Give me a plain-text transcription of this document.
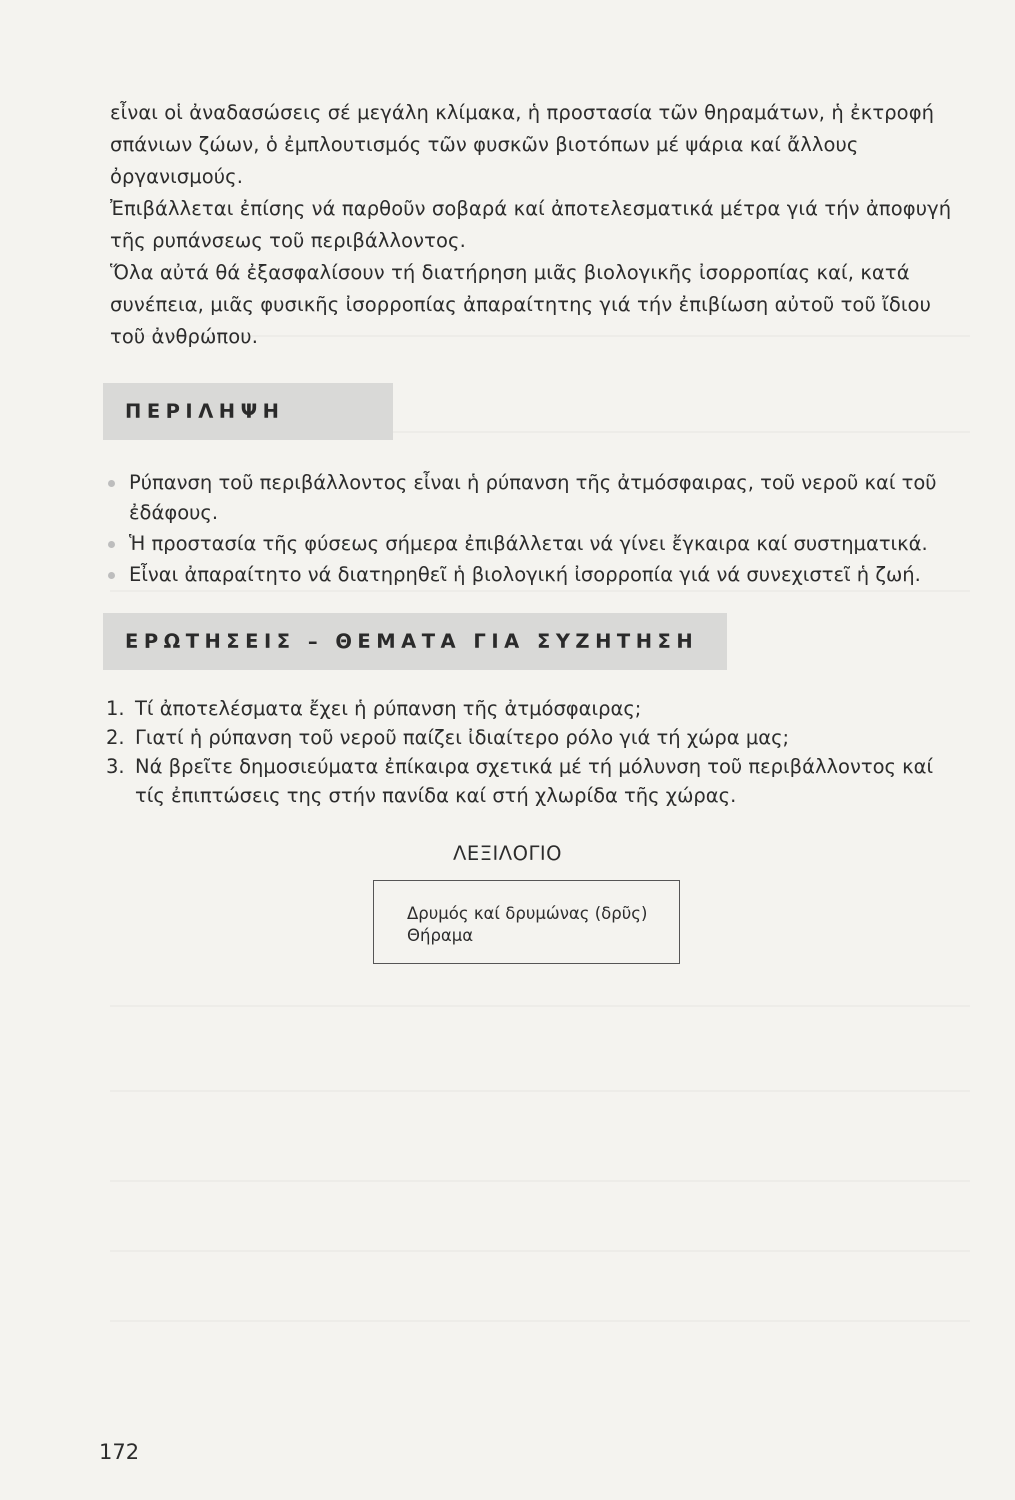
εἶναι οἱ ἀναδασώσεις σέ μεγάλη κλίμακα, ἡ προστασία τῶν θηραμάτων, ἡ ἐκτροφή σπάνιων ζώων, ὁ ἐμπλουτισμός τῶν φυσκῶν βιοτόπων μέ ψάρια καί ἄλλους ὀργανισμούς.

Ἐπιβάλλεται ἐπίσης νά παρθοῦν σοβαρά καί ἀποτελεσματικά μέτρα γιά τήν ἀποφυγή τῆς ρυπάνσεως τοῦ περιβάλλοντος.

Ὅλα αὐτά θά ἐξασφαλίσουν τή διατήρηση μιᾶς βιολογικῆς ἰσορροπίας καί, κατά συνέπεια, μιᾶς φυσικῆς ἰσορροπίας ἀπαραίτητης γιά τήν ἐπιβίωση αὐτοῦ τοῦ ἴδιου τοῦ ἀνθρώπου.

ΠΕΡΙΛΗΨΗ
Ρύπανση τοῦ περιβάλλοντος εἶναι ἡ ρύπανση τῆς ἀτμόσφαιρας, τοῦ νεροῦ καί τοῦ ἐδάφους.
Ἡ προστασία τῆς φύσεως σήμερα ἐπιβάλλεται νά γίνει ἔγκαιρα καί συστηματικά.
Εἶναι ἀπαραίτητο νά διατηρηθεῖ ἡ βιολογική ἰσορροπία γιά νά συνεχιστεῖ ἡ ζωή.
ΕΡΩΤΗΣΕΙΣ – ΘΕΜΑΤΑ ΓΙΑ ΣΥΖΗΤΗΣΗ
1. Τί ἀποτελέσματα ἔχει ἡ ρύπανση τῆς ἀτμόσφαιρας;
2. Γιατί ἡ ρύπανση τοῦ νεροῦ παίζει ἰδιαίτερο ρόλο γιά τή χώρα μας;
3. Νά βρεῖτε δημοσιεύματα ἐπίκαιρα σχετικά μέ τή μόλυνση τοῦ περιβάλλοντος καί τίς ἐπιπτώσεις της στήν πανίδα καί στή χλωρίδα τῆς χώρας.

ΛΕΞΙΛΟΓΙΟ

Δρυμός καί δρυμώνας (δρῦς)
Θήραμα

172
